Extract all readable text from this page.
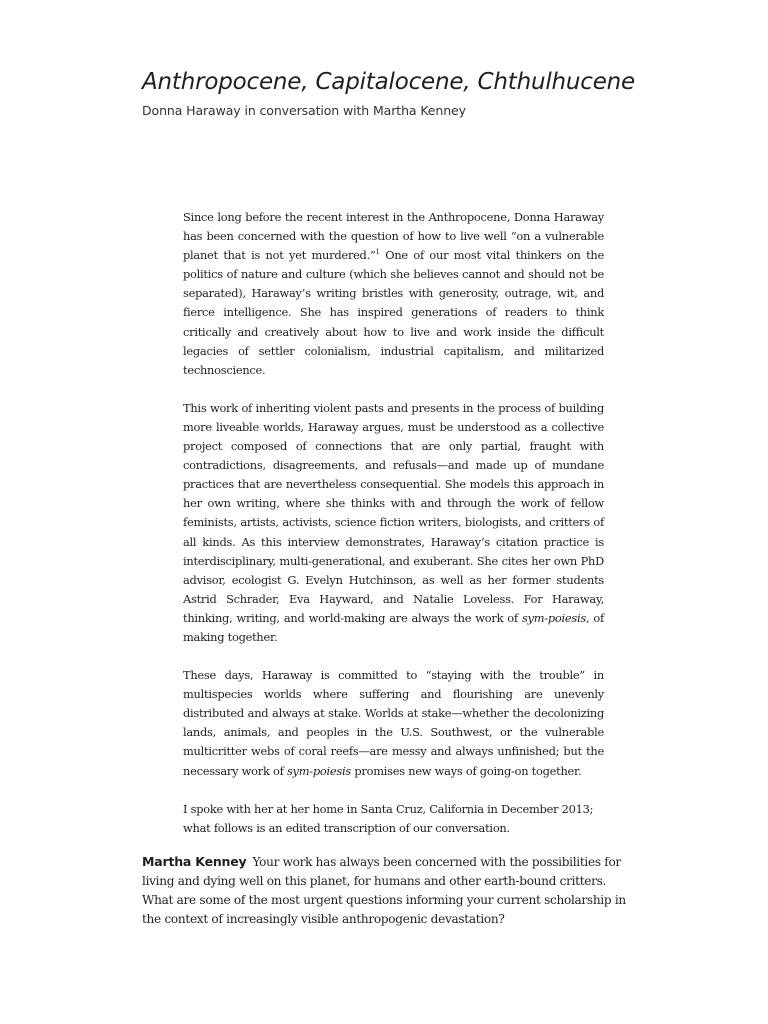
Anthropocene, Capitalocene, Chthulhucene
Donna Haraway in conversation with Martha Kenney

Since long before the recent interest in the Anthropocene, Donna Haraway has been concerned with the question of how to live well “on a vulnerable planet that is not yet murdered.”$^1$ One of our most vital thinkers on the politics of nature and culture (which she believes cannot and should not be separated), Haraway’s writing bristles with generosity, outrage, wit, and fierce intelligence. She has inspired generations of readers to think critically and creatively about how to live and work inside the difficult legacies of settler colonialism, industrial capitalism, and militarized technoscience.

This work of inheriting violent pasts and presents in the process of building more liveable worlds, Haraway argues, must be understood as a collective project composed of connections that are only partial, fraught with contradictions, disagreements, and refusals—and made up of mundane practices that are nevertheless consequential. She models this approach in her own writing, where she thinks with and through the work of fellow feminists, artists, activists, science fiction writers, biologists, and critters of all kinds. As this interview demonstrates, Haraway’s citation practice is interdisciplinary, multi-generational, and exuberant. She cites her own PhD advisor, ecologist G. Evelyn Hutchinson, as well as her former students Astrid Schrader, Eva Hayward, and Natalie Loveless. For Haraway, thinking, writing, and world-making are always the work of sym-poiesis, of making together.

These days, Haraway is committed to “staying with the trouble” in multispecies worlds where suffering and flourishing are unevenly distributed and always at stake. Worlds at stake—whether the decolonizing lands, animals, and peoples in the U.S. Southwest, or the vulnerable multicritter webs of coral reefs—are messy and always unfinished; but the necessary work of sym-poiesis promises new ways of going-on together.

I spoke with her at her home in Santa Cruz, California in December 2013; what follows is an edited transcription of our conversation.

Martha Kenney Your work has always been concerned with the possibilities for living and dying well on this planet, for humans and other earth-bound critters. What are some of the most urgent questions informing your current scholarship in the context of increasingly visible anthropogenic devastation?
